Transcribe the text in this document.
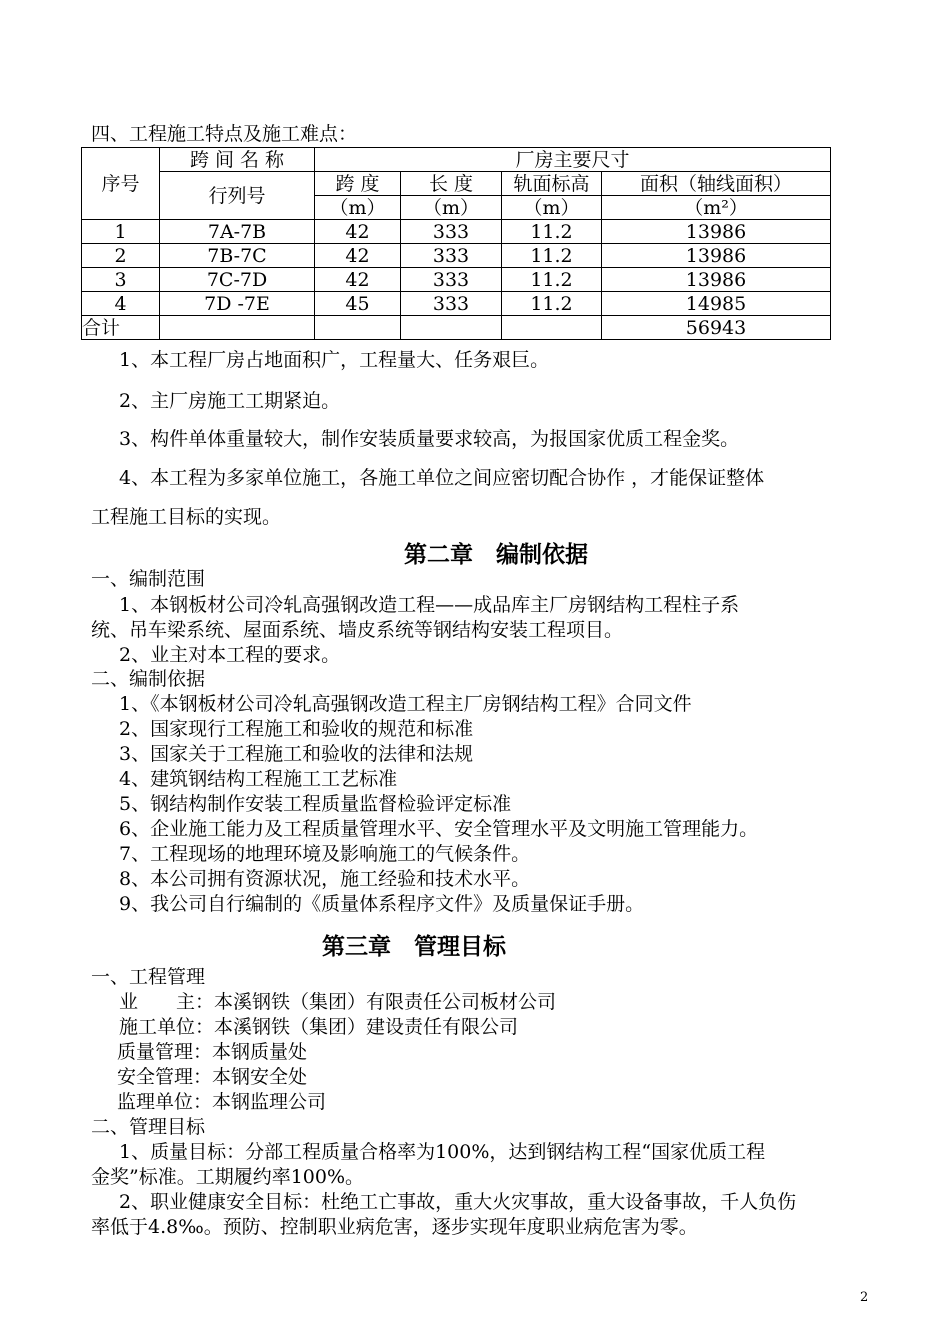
四、工程施工特点及施工难点：
序号	跨 间 名 称	厂房主要尺寸			
	行列号	跨 度	长 度	轨面标高	面积（轴线面积）
		（m）	（m）	（m）	（m²）
1	7A-7B	42	333	11.2	13986
2	7B-7C	42	333	11.2	13986
3	7C-7D	42	333	11.2	13986
4	7D -7E	45	333	11.2	14985
合计					56943
1、本工程厂房占地面积广，工程量大、任务艰巨。
2、主厂房施工工期紧迫。
3、构件单体重量较大，制作安装质量要求较高，为报国家优质工程金奖。
4、本工程为多家单位施工，各施工单位之间应密切配合协作 ，才能保证整体
工程施工目标的实现。
第二章　编制依据
一、编制范围
1、本钢板材公司冷轧高强钢改造工程——成品库主厂房钢结构工程柱子系
统、吊车梁系统、屋面系统、墙皮系统等钢结构安装工程项目。
2、业主对本工程的要求。
二、编制依据
1、《本钢板材公司冷轧高强钢改造工程主厂房钢结构工程》合同文件
2、国家现行工程施工和验收的规范和标准
3、国家关于工程施工和验收的法律和法规
4、建筑钢结构工程施工工艺标准
5、钢结构制作安装工程质量监督检验评定标准
6、企业施工能力及工程质量管理水平、安全管理水平及文明施工管理能力。
7、工程现场的地理环境及影响施工的气候条件。
8、本公司拥有资源状况，施工经验和技术水平。
9、我公司自行编制的《质量体系程序文件》及质量保证手册。
第三章　管理目标
一、工程管理
业　　主：本溪钢铁（集团）有限责任公司板材公司
施工单位：本溪钢铁（集团）建设责任有限公司
质量管理：本钢质量处
安全管理：本钢安全处
监理单位：本钢监理公司
二、管理目标
1、质量目标：分部工程质量合格率为100%，达到钢结构工程“国家优质工程
金奖”标准。工期履约率100%。
2、职业健康安全目标：杜绝工亡事故，重大火灾事故，重大设备事故，千人负伤
率低于4.8‰。预防、控制职业病危害，逐步实现年度职业病危害为零。
2
